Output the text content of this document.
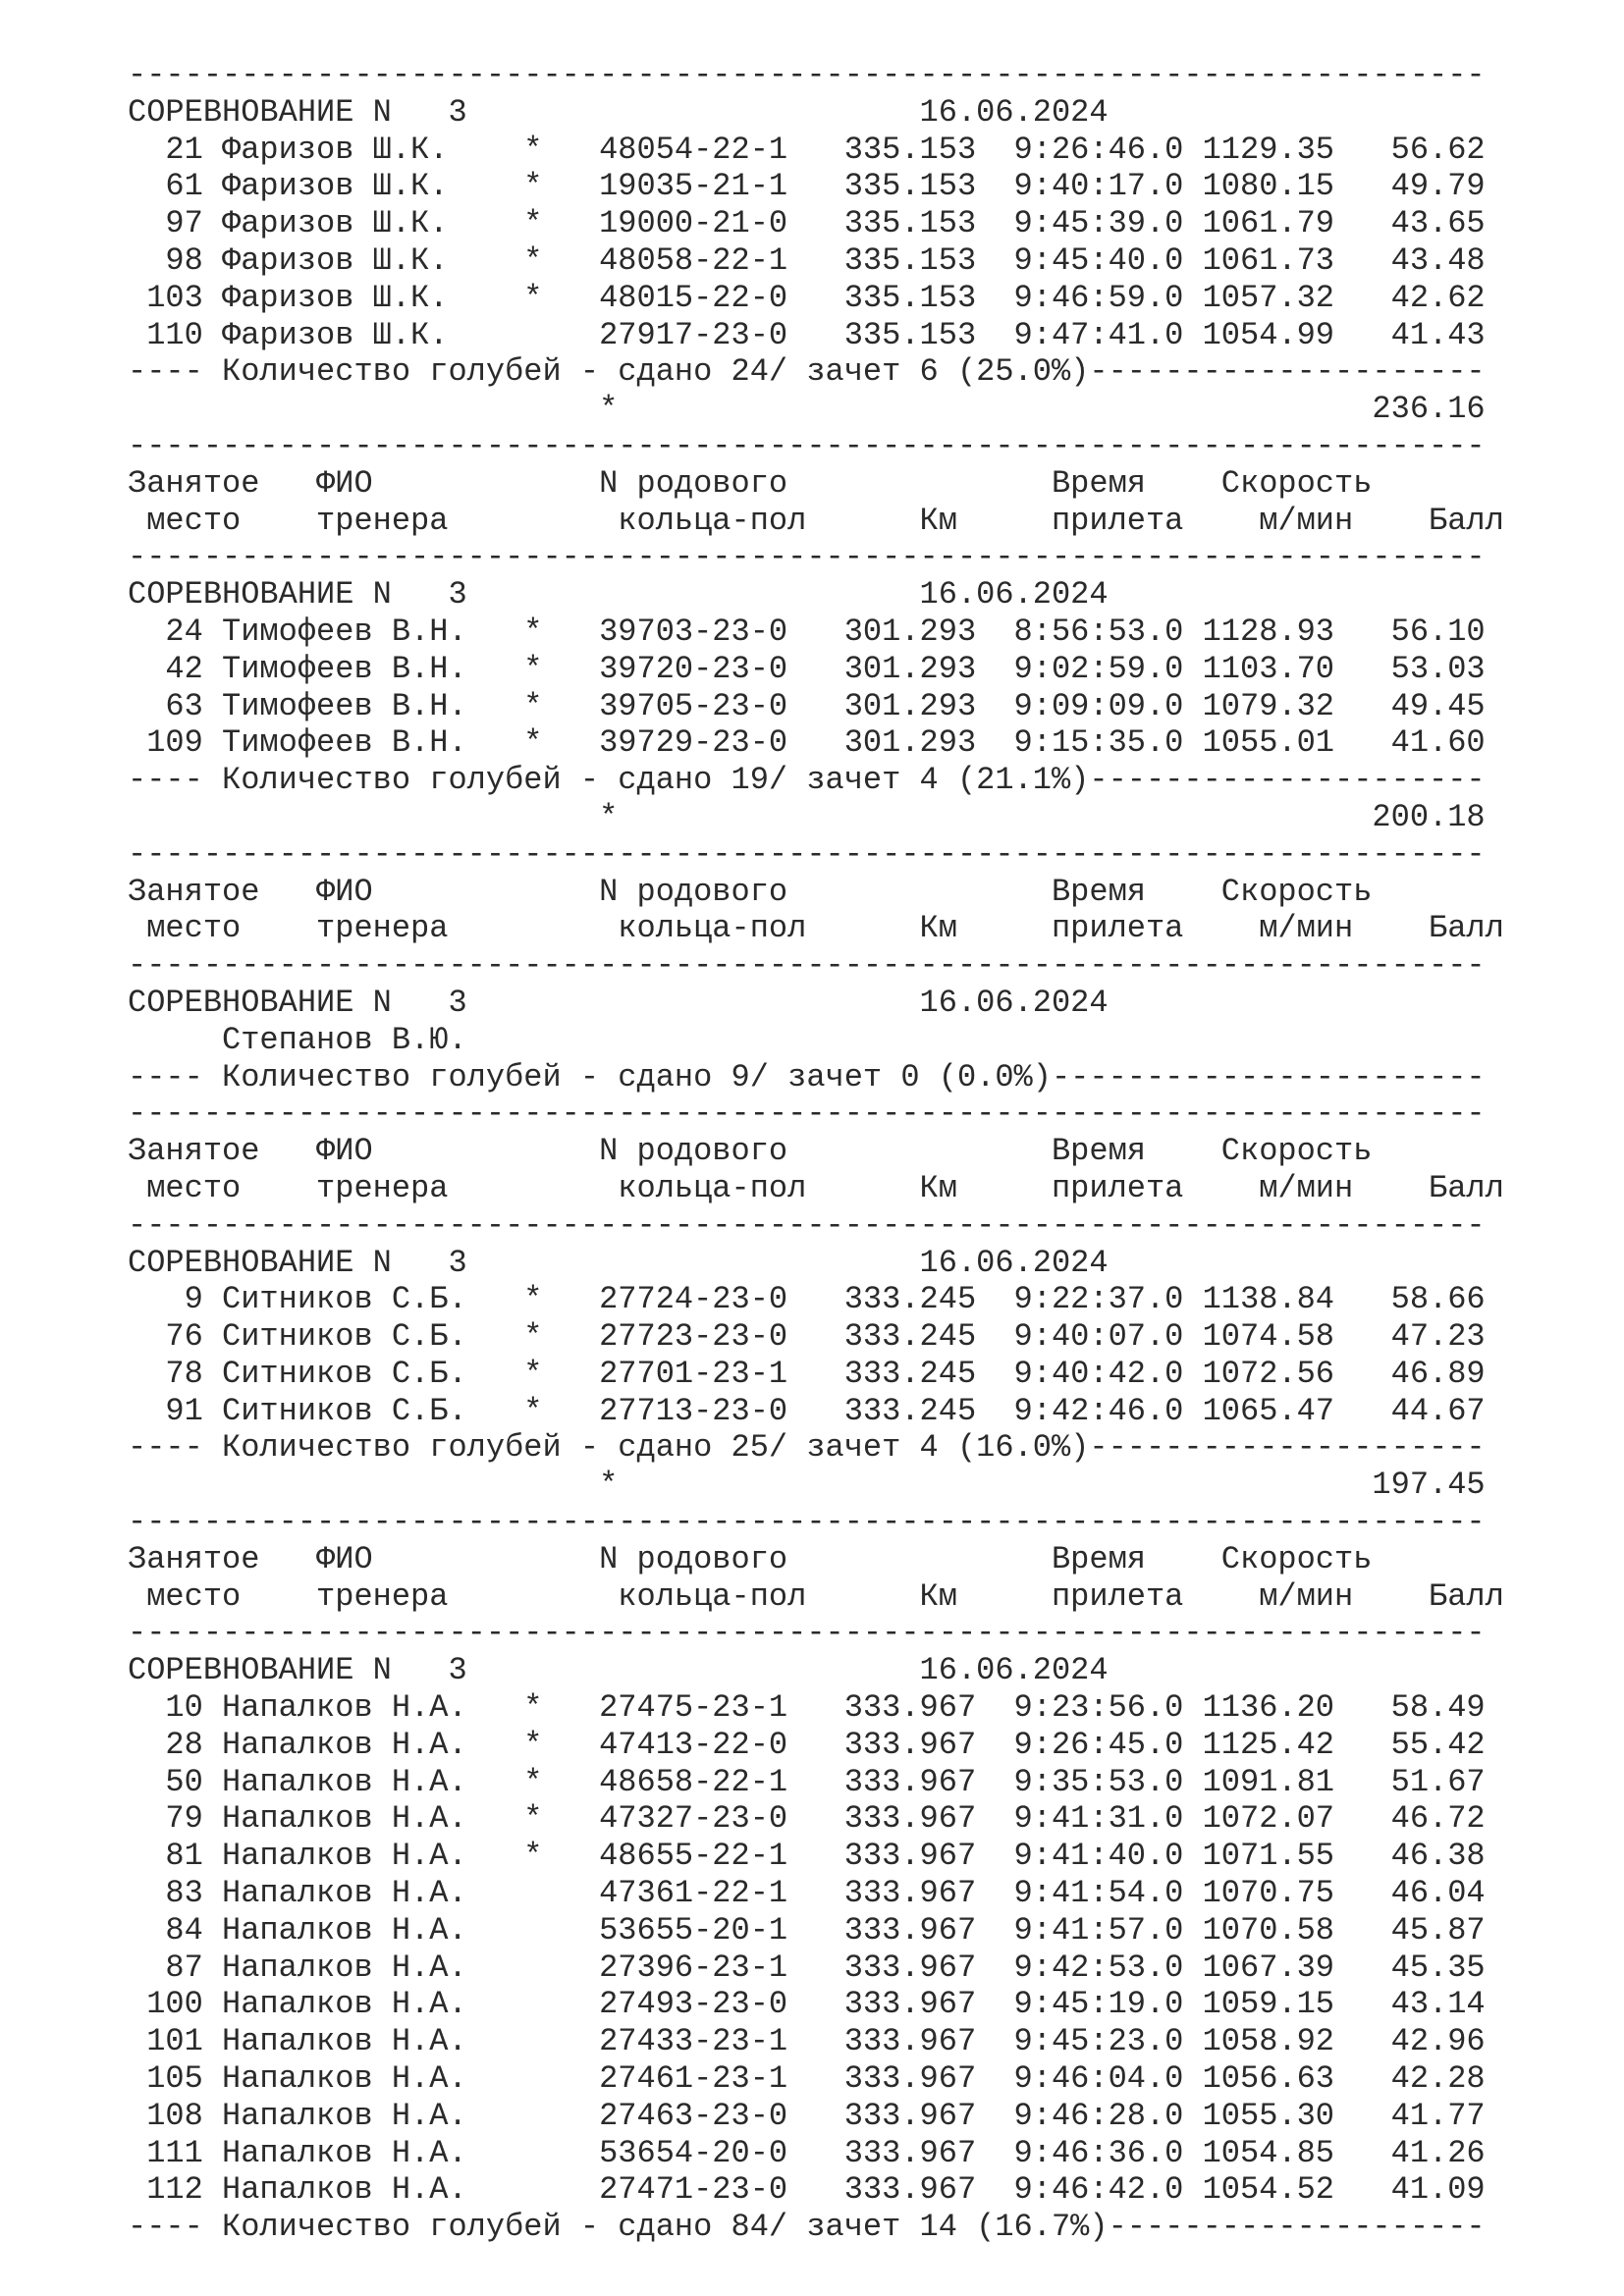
------------------------------------------------------------------------
СОРЕВНОВАНИЕ N   3                        16.06.2024
21 Фаризов Ш.К.    *   48054-22-1   335.153  9:26:46.0 1129.35   56.62
61 Фаризов Ш.К.    *   19035-21-1   335.153  9:40:17.0 1080.15   49.79
97 Фаризов Ш.К.    *   19000-21-0   335.153  9:45:39.0 1061.79   43.65
98 Фаризов Ш.К.    *   48058-22-1   335.153  9:45:40.0 1061.73   43.48
103 Фаризов Ш.К.    *   48015-22-0   335.153  9:46:59.0 1057.32   42.62
110 Фаризов Ш.К.        27917-23-0   335.153  9:47:41.0 1054.99   41.43
---- Количество голубей - сдано 24/ зачет 6 (25.0%)---------------------
*                                        236.16
------------------------------------------------------------------------
Занятое   ФИО            N родового              Время    Скорость
место    тренера         кольца-пол      Км     прилета    м/мин    Балл
------------------------------------------------------------------------
СОРЕВНОВАНИЕ N   3                        16.06.2024
24 Тимофеев В.Н.   *   39703-23-0   301.293  8:56:53.0 1128.93   56.10
42 Тимофеев В.Н.   *   39720-23-0   301.293  9:02:59.0 1103.70   53.03
63 Тимофеев В.Н.   *   39705-23-0   301.293  9:09:09.0 1079.32   49.45
109 Тимофеев В.Н.   *   39729-23-0   301.293  9:15:35.0 1055.01   41.60
---- Количество голубей - сдано 19/ зачет 4 (21.1%)---------------------
*                                        200.18
------------------------------------------------------------------------
Занятое   ФИО            N родового              Время    Скорость
место    тренера         кольца-пол      Км     прилета    м/мин    Балл
------------------------------------------------------------------------
СОРЕВНОВАНИЕ N   3                        16.06.2024
Степанов В.Ю.
---- Количество голубей - сдано 9/ зачет 0 (0.0%)-----------------------
------------------------------------------------------------------------
Занятое   ФИО            N родового              Время    Скорость
место    тренера         кольца-пол      Км     прилета    м/мин    Балл
------------------------------------------------------------------------
СОРЕВНОВАНИЕ N   3                        16.06.2024
9 Ситников С.Б.   *   27724-23-0   333.245  9:22:37.0 1138.84   58.66
76 Ситников С.Б.   *   27723-23-0   333.245  9:40:07.0 1074.58   47.23
78 Ситников С.Б.   *   27701-23-1   333.245  9:40:42.0 1072.56   46.89
91 Ситников С.Б.   *   27713-23-0   333.245  9:42:46.0 1065.47   44.67
---- Количество голубей - сдано 25/ зачет 4 (16.0%)---------------------
*                                        197.45
------------------------------------------------------------------------
Занятое   ФИО            N родового              Время    Скорость
место    тренера         кольца-пол      Км     прилета    м/мин    Балл
------------------------------------------------------------------------
СОРЕВНОВАНИЕ N   3                        16.06.2024
10 Напалков Н.А.   *   27475-23-1   333.967  9:23:56.0 1136.20   58.49
28 Напалков Н.А.   *   47413-22-0   333.967  9:26:45.0 1125.42   55.42
50 Напалков Н.А.   *   48658-22-1   333.967  9:35:53.0 1091.81   51.67
79 Напалков Н.А.   *   47327-23-0   333.967  9:41:31.0 1072.07   46.72
81 Напалков Н.А.   *   48655-22-1   333.967  9:41:40.0 1071.55   46.38
83 Напалков Н.А.       47361-22-1   333.967  9:41:54.0 1070.75   46.04
84 Напалков Н.А.       53655-20-1   333.967  9:41:57.0 1070.58   45.87
87 Напалков Н.А.       27396-23-1   333.967  9:42:53.0 1067.39   45.35
100 Напалков Н.А.       27493-23-0   333.967  9:45:19.0 1059.15   43.14
101 Напалков Н.А.       27433-23-1   333.967  9:45:23.0 1058.92   42.96
105 Напалков Н.А.       27461-23-1   333.967  9:46:04.0 1056.63   42.28
108 Напалков Н.А.       27463-23-0   333.967  9:46:28.0 1055.30   41.77
111 Напалков Н.А.       53654-20-0   333.967  9:46:36.0 1054.85   41.26
112 Напалков Н.А.       27471-23-0   333.967  9:46:42.0 1054.52   41.09
---- Количество голубей - сдано 84/ зачет 14 (16.7%)--------------------
